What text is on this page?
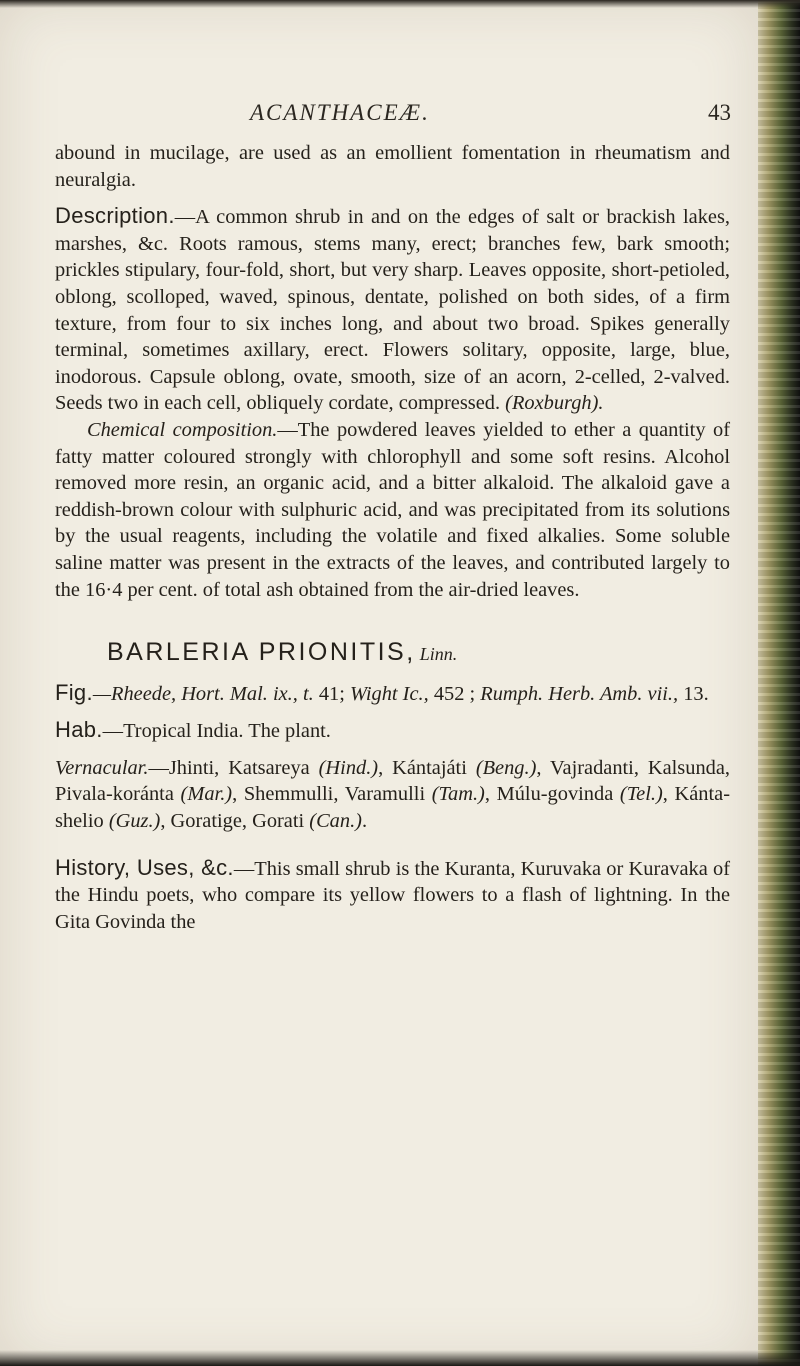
ACANTHACEÆ.	43

abound in mucilage, are used as an emollient fomentation in rheumatism and neuralgia.

Description.—A common shrub in and on the edges of salt or brackish lakes, marshes, &c. Roots ramous, stems many, erect; branches few, bark smooth; prickles stipulary, four-fold, short, but very sharp. Leaves opposite, short-petioled, oblong, scolloped, waved, spinous, dentate, polished on both sides, of a firm texture, from four to six inches long, and about two broad. Spikes generally terminal, sometimes axillary, erect. Flowers solitary, opposite, large, blue, inodorous. Capsule oblong, ovate, smooth, size of an acorn, 2-celled, 2-valved. Seeds two in each cell, obliquely cordate, compressed. (Roxburgh).

Chemical composition.—The powdered leaves yielded to ether a quantity of fatty matter coloured strongly with chlorophyll and some soft resins. Alcohol removed more resin, an organic acid, and a bitter alkaloid. The alkaloid gave a reddish-brown colour with sulphuric acid, and was precipitated from its solutions by the usual reagents, including the volatile and fixed alkalies. Some soluble saline matter was present in the extracts of the leaves, and contributed largely to the 16·4 per cent. of total ash obtained from the air-dried leaves.

BARLERIA PRIONITIS, Linn.

Fig.—Rheede, Hort. Mal. ix., t. 41; Wight Ic., 452 ; Rumph. Herb. Amb. vii., 13.

Hab.—Tropical India. The plant.

Vernacular.—Jhinti, Katsareya (Hind.), Kántajáti (Beng.), Vajradanti, Kalsunda, Pivala-koránta (Mar.), Shemmulli, Varamulli (Tam.), Múlu-govinda (Tel.), Kánta-shelio (Guz.), Goratige, Gorati (Can.).

History, Uses, &c.—This small shrub is the Kuranta, Kuruvaka or Kuravaka of the Hindu poets, who compare its yellow flowers to a flash of lightning. In the Gita Govinda the
